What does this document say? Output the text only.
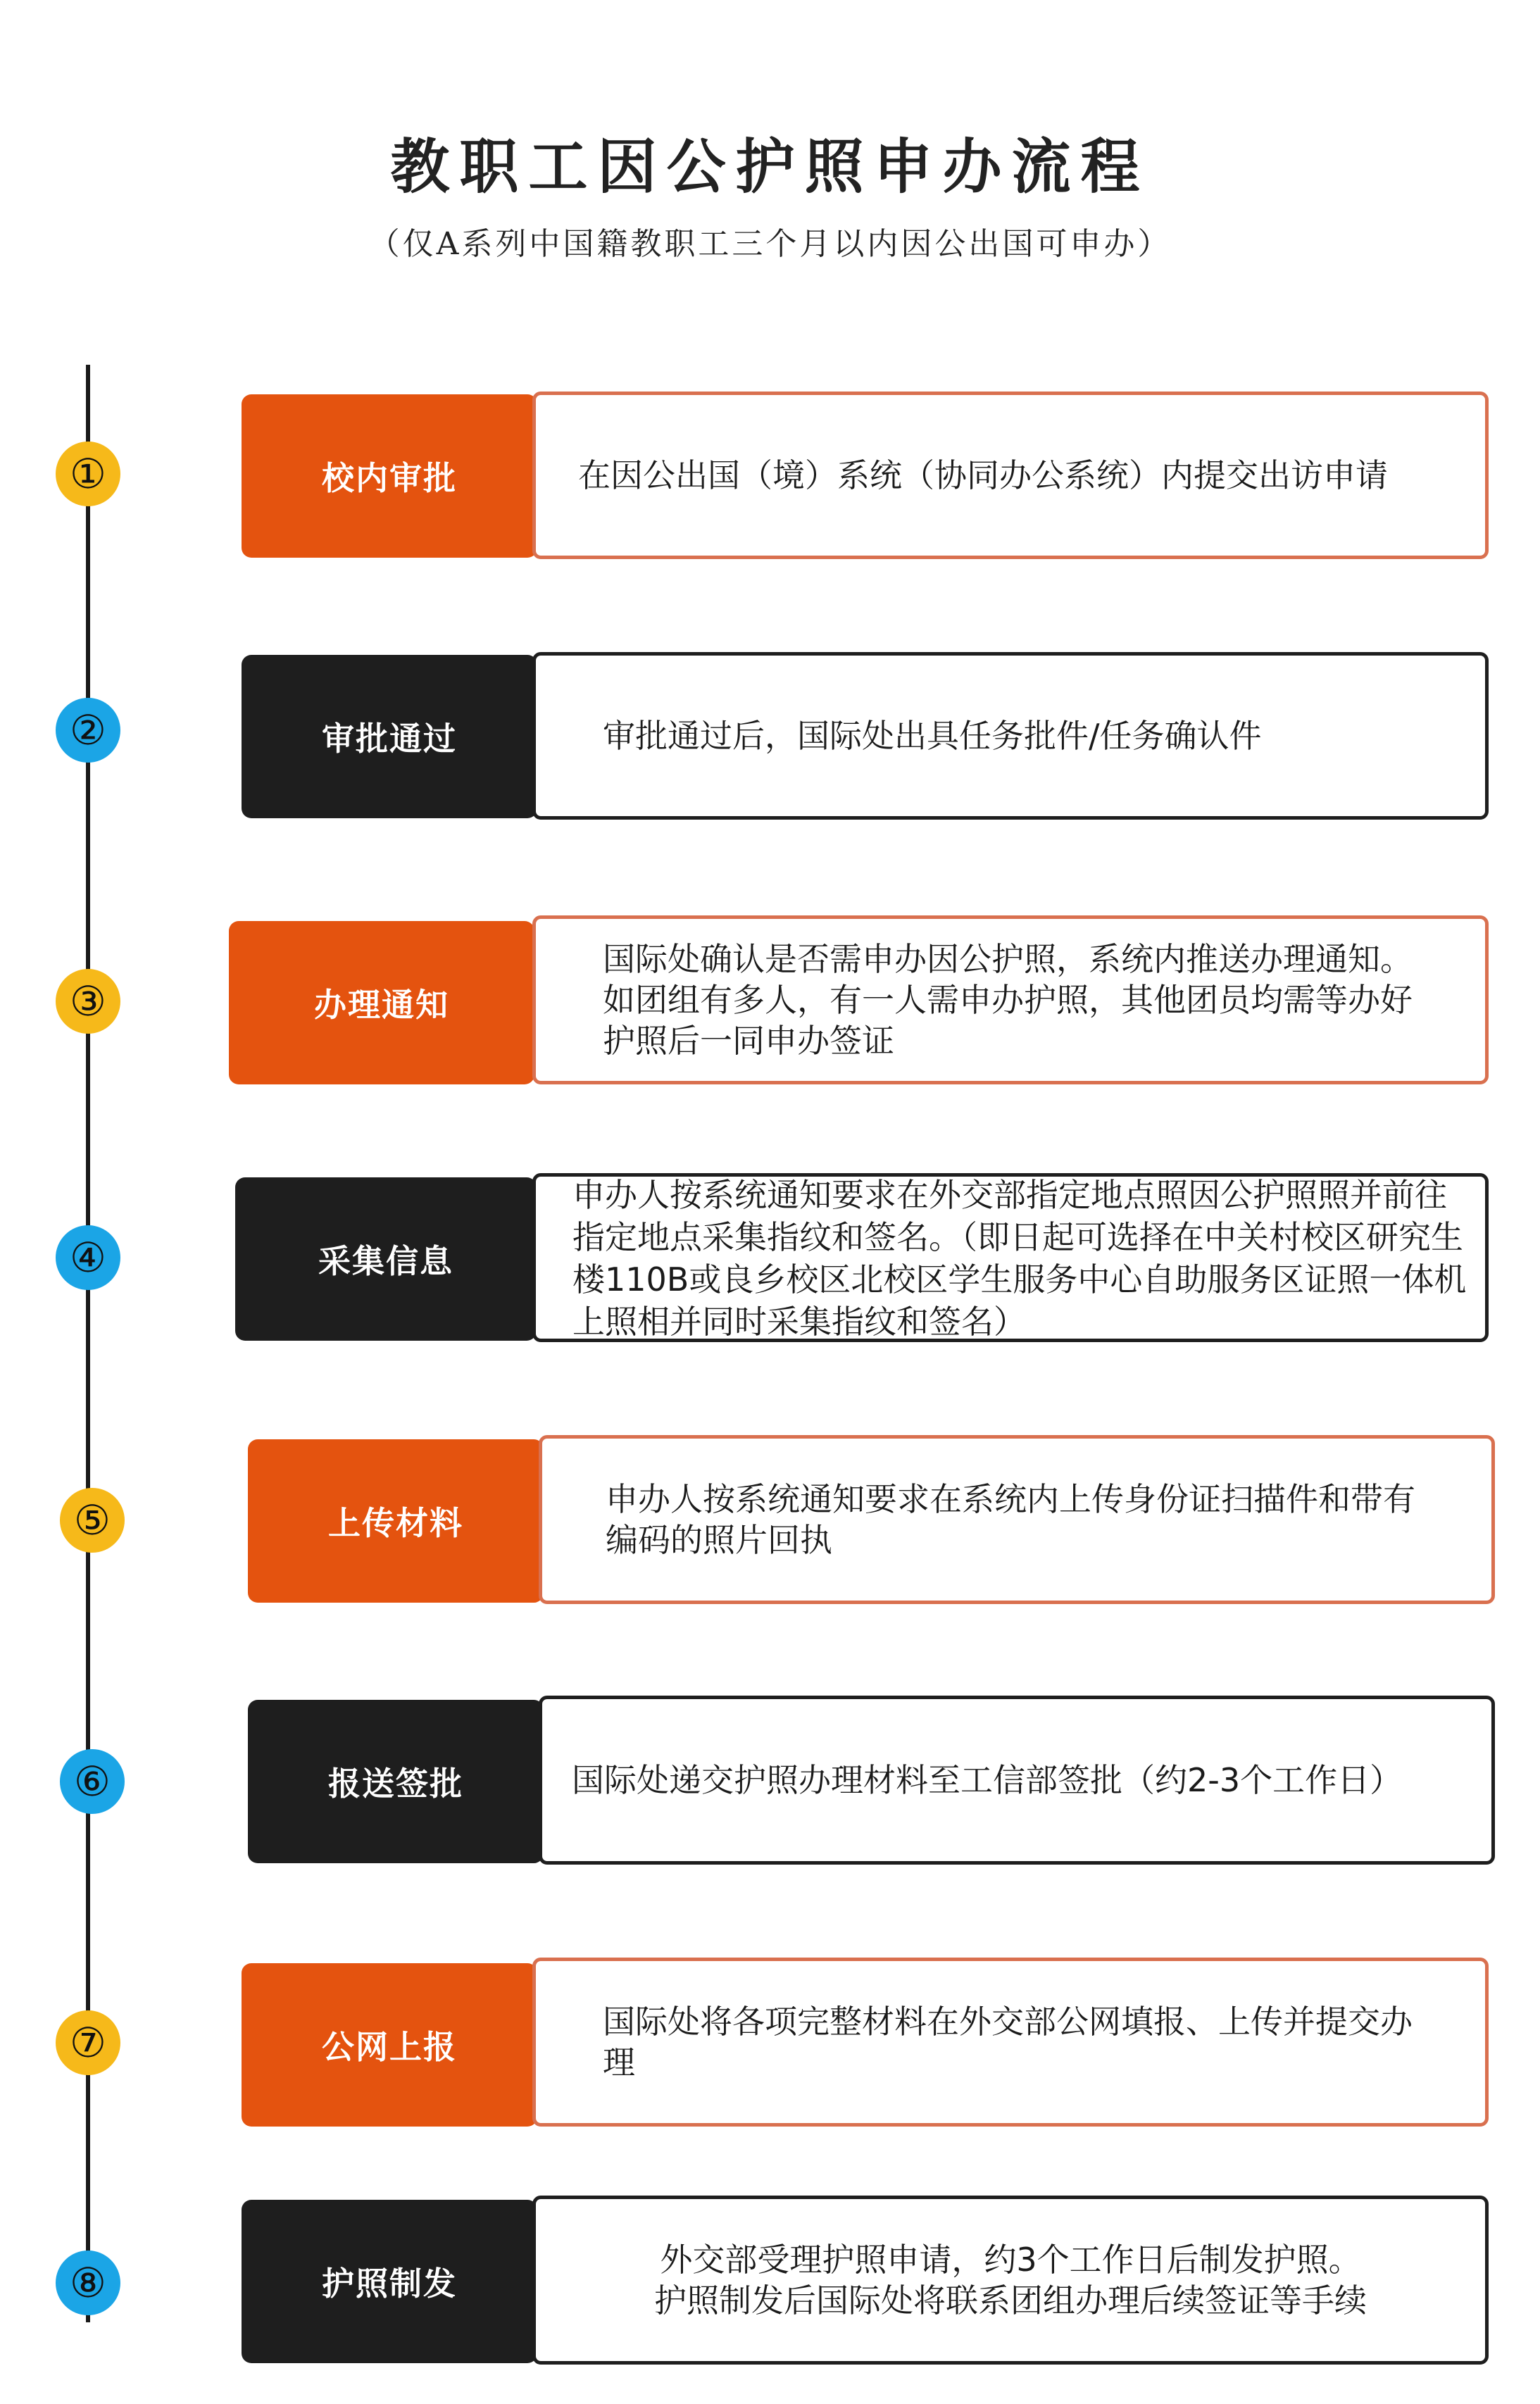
教职工因公护照申办流程
（仅A系列中国籍教职工三个月以内因公出国可申办）
①	校内审批	在因公出国（境）系统（协同办公系统）内提交出访申请
②	审批通过	审批通过后，国际处出具任务批件/任务确认件
③	办理通知
国际处确认是否需申办因公护照，系统内推送办理通知。如团组有多人，有一人需申办护照，其他团员均需等办好护照后一同申办签证
④	采集信息
申办人按系统通知要求在外交部指定地点照因公护照照并前往指定地点采集指纹和签名。（即日起可选择在中关村校区研究生楼110B或良乡校区北校区学生服务中心自助服务区证照一体机上照相并同时采集指纹和签名）
⑤	上传材料
申办人按系统通知要求在系统内上传身份证扫描件和带有编码的照片回执
⑥	报送签批	国际处递交护照办理材料至工信部签批（约2-3个工作日）
⑦	公网上报
国际处将各项完整材料在外交部公网填报、上传并提交办理
⑧	护照制发
外交部受理护照申请，约3个工作日后制发护照。
护照制发后国际处将联系团组办理后续签证等手续
